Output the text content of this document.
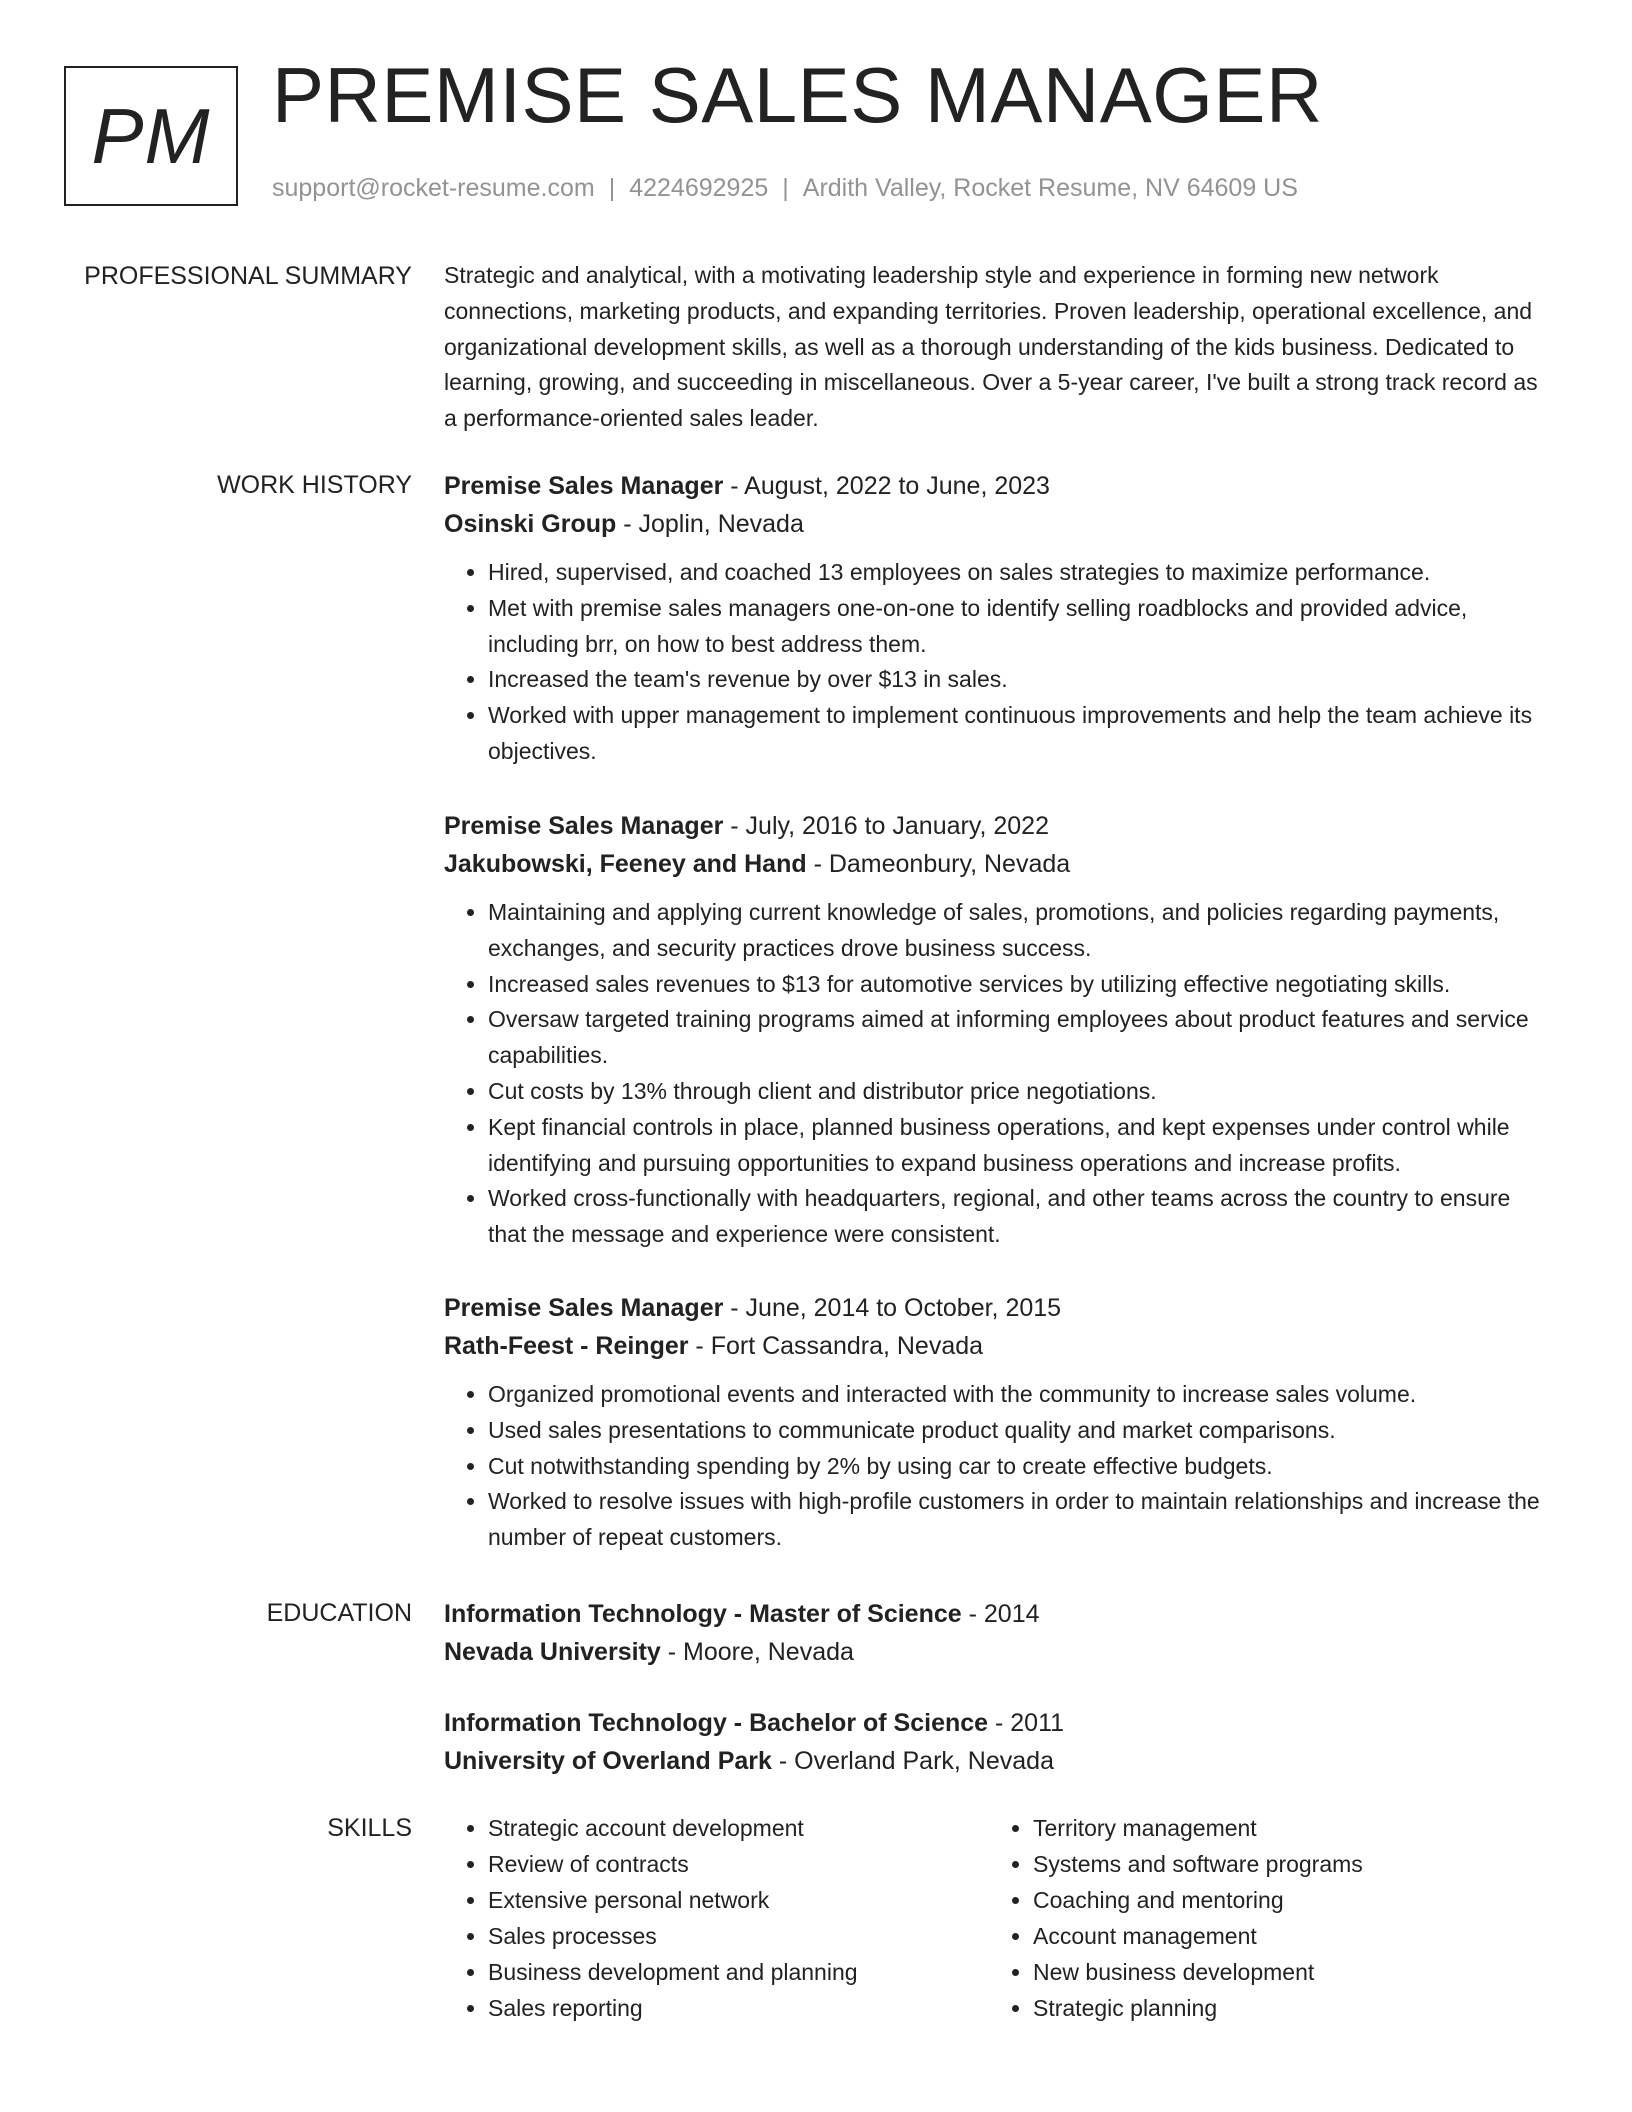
PM PREMISE SALES MANAGER
support@rocket-resume.com | 4224692925 | Ardith Valley, Rocket Resume, NV 64609 US
PROFESSIONAL SUMMARY Strategic and analytical, with a motivating leadership style and experience in forming new network connections, marketing products, and expanding territories. Proven leadership, operational excellence, and organizational development skills, as well as a thorough understanding of the kids business. Dedicated to learning, growing, and succeeding in miscellaneous. Over a 5-year career, I've built a strong track record as a performance-oriented sales leader.

WORK HISTORY Premise Sales Manager - August, 2022 to June, 2023
Osinski Group - Joplin, Nevada
• Hired, supervised, and coached 13 employees on sales strategies to maximize performance.
• Met with premise sales managers one-on-one to identify selling roadblocks and provided advice, including brr, on how to best address them.
• Increased the team's revenue by over $13 in sales.
• Worked with upper management to implement continuous improvements and help the team achieve its objectives.
Premise Sales Manager - July, 2016 to January, 2022
Jakubowski, Feeney and Hand - Dameonbury, Nevada
• Maintaining and applying current knowledge of sales, promotions, and policies regarding payments, exchanges, and security practices drove business success.
• Increased sales revenues to $13 for automotive services by utilizing effective negotiating skills.
• Oversaw targeted training programs aimed at informing employees about product features and service capabilities.
• Cut costs by 13% through client and distributor price negotiations.
• Kept financial controls in place, planned business operations, and kept expenses under control while identifying and pursuing opportunities to expand business operations and increase profits.
• Worked cross-functionally with headquarters, regional, and other teams across the country to ensure that the message and experience were consistent.
Premise Sales Manager - June, 2014 to October, 2015
Rath-Feest - Reinger - Fort Cassandra, Nevada
• Organized promotional events and interacted with the community to increase sales volume.
• Used sales presentations to communicate product quality and market comparisons.
• Cut notwithstanding spending by 2% by using car to create effective budgets.
• Worked to resolve issues with high-profile customers in order to maintain relationships and increase the number of repeat customers.
EDUCATION Information Technology - Master of Science - 2014
Nevada University - Moore, Nevada
Information Technology - Bachelor of Science - 2011
University of Overland Park - Overland Park, Nevada
SKILLS
•	Strategic account development
• Review of contracts
• Extensive personal network
• Sales processes
• Business development and planning
• Sales reporting
• Territory management
• Systems and software programs
• Coaching and mentoring
• Account management
• New business development
• Strategic planning
